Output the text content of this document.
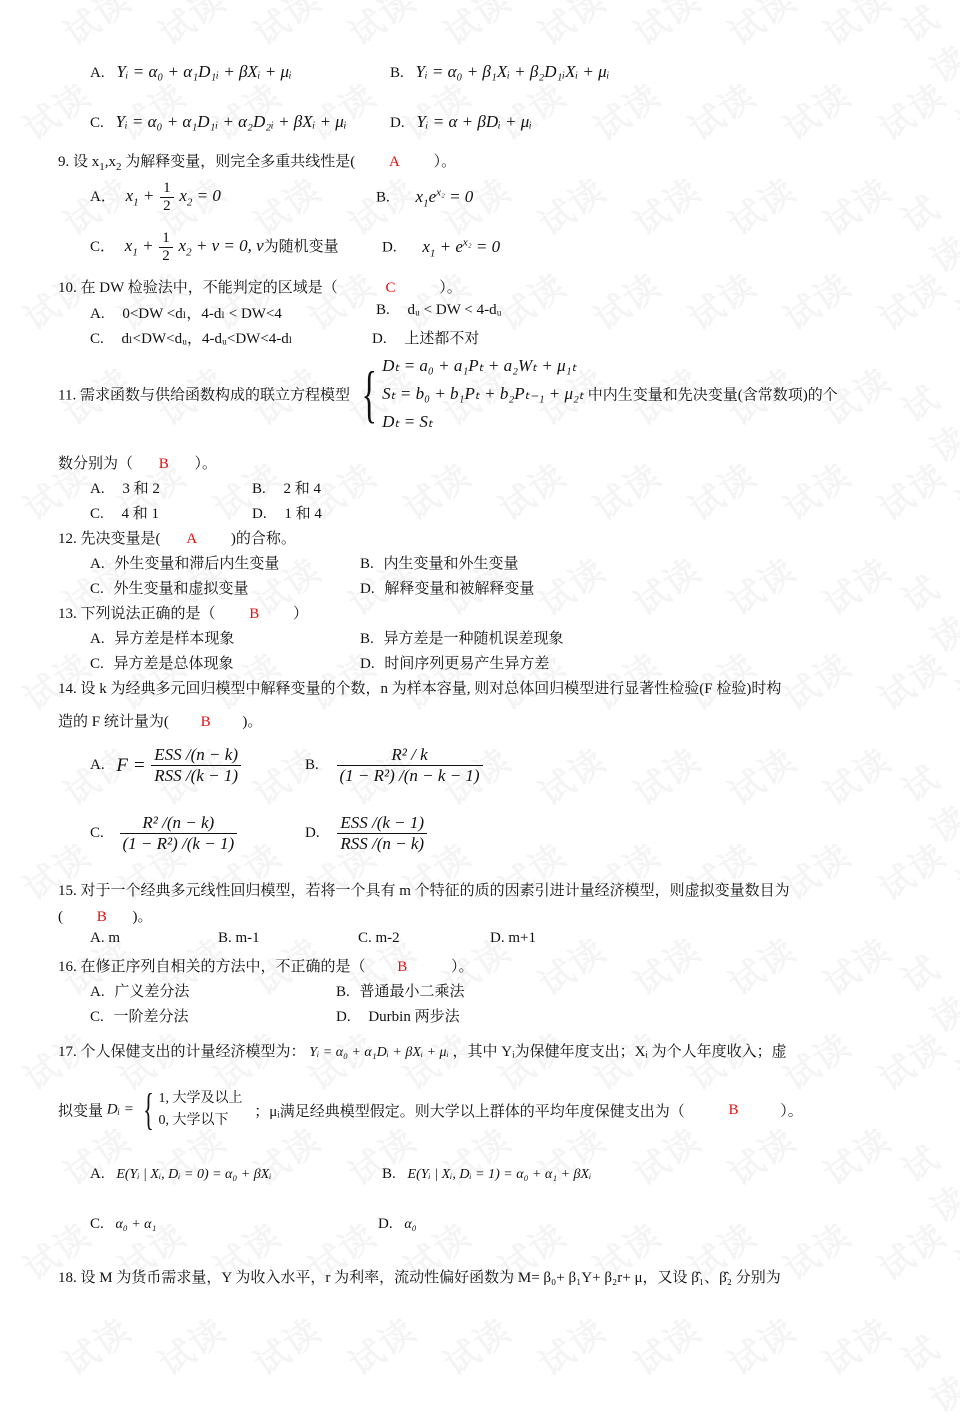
A. Yᵢ = α₀ + α₁D₁ᵢ + βXᵢ + μᵢ	B. Yᵢ = α₀ + β₁Xᵢ + β₂D₁ᵢXᵢ + μᵢ
C. Yᵢ = α₀ + α₁D₁ᵢ + α₂D₂ᵢ + βXᵢ + μᵢ	D. Yᵢ = α + βDᵢ + μᵢ
9. 设 $x_1,x_2$ 为解释变量，则完全多重共线性是( A ）。
A． $x_1 + \frac{1}{2} x_2 = 0$	B. $x_1e^{x_2} = 0$
C． $x_1 + \frac{1}{2} x_2 + \nu = 0$, ν为随机变量	D. $x_1 + e^{x_2} = 0$
10. 在 DW 检验法中，不能判定的区域是（	C	）。
A. 0<DW <dₗ，4-dₗ < DW<4	B. dᵤ < DW < 4-dᵤ
C. dₗ<DW<dᵤ，4-dᵤ<DW<4-dₗ	D. 上述都不对
11. 需求函数与供给函数构成的联立方程模型 { Dₜ = a₀ + a₁Pₜ + a₂Wₜ + μ₁ₜ
Sₜ = b₀ + b₁Pₜ + b₂Pₜ₋₁ + μ₂ₜ
Dₜ = Sₜ
中内生变量和先决变量(含常数项)的个
数分别为（ B ）。
A. 3 和 2	B. 2 和 4
C. 4 和 1	D. 1 和 4
12. 先决变量是( A )的合称。
A. 外生变量和滞后内生变量	B. 内生变量和外生变量
C. 外生变量和虚拟变量	D. 解释变量和被解释变量
13. 下列说法正确的是（ B ）
A. 异方差是样本现象	B. 异方差是一种随机误差现象
C. 异方差是总体现象	D. 时间序列更易产生异方差
14. 设 k 为经典多元回归模型中解释变量的个数，n 为样本容量, 则对总体回归模型进行显著性检验(F 检验)时构
造的 F 统计量为( B )。
A. $F = \frac{\text{ESS /(n − k)}}{\text{RSS /(k − 1)}}$	B. $\frac{\text{R² / k}}{\text{(1 − R²) /(n − k − 1)}}$
C. $\frac{\text{R² /(n − k)}}{\text{(1 − R²) /(k − 1)}}$	D. $\frac{\text{ESS /(k − 1)}}{\text{RSS /(n − k)}}$
15. 对于一个经典多元线性回归模型，若将一个具有 m 个特征的质的因素引进计量经济模型，则虚拟变量数目为
( B )。
A. m	B. m-1	C. m-2	D. m+1
16. 在修正序列自相关的方法中，不正确的是（ B	）。
A. 广义差分法	B. 普通最小二乘法
C. 一阶差分法	D. Durbin 两步法
17. 个人保健支出的计量经济模型为： Yᵢ = α₀ + α₁Dᵢ + βXᵢ + μᵢ ，其中 Yᵢ为保健年度支出；Xᵢ 为个人年度收入；虚
拟变量 Dᵢ = { 1, 大学及以上
0, 大学以下
；μᵢ满足经典模型假定。则大学以上群体的平均年度保健支出为（	B	）。
A. E(Yᵢ | Xᵢ, Dᵢ = 0) = α₀ + βXᵢ	B. E(Yᵢ | Xᵢ, Dᵢ = 1) = α₀ + α₁ + βXᵢ
C. α₀ + α₁	D. α₀
18. 设 M 为货币需求量，Y 为收入水平，r 为利率，流动性偏好函数为 M= β₀+ β₁Y+ β₂r+ μ，又设 β̂₁、β̂₂ 分别为
